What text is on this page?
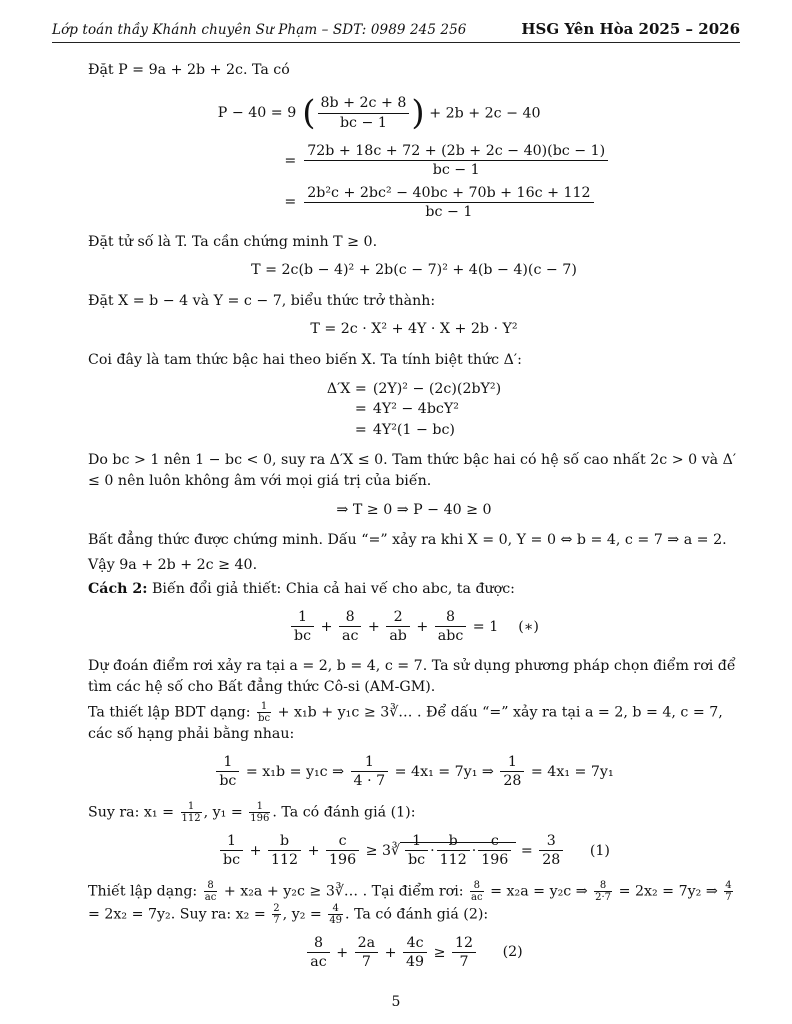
Lớp toán thầy Khánh chuyên Sư Phạm – SDT: 0989 245 256	HSG Yên Hòa 2025 – 2026

Đặt P = 9a + 2b + 2c. Ta có

P − 40 = 9 ( $\frac{8b + 2c + 8}{bc - 1}$ ) + 2b + 2c − 40
= $\frac{72b + 18c + 72 + (2b + 2c - 40)(bc - 1)}{bc - 1}$
= $\frac{\text{2b²c + 2bc² − 40bc + 70b + 16c + 112}}{bc - 1}$

Đặt tử số là T. Ta cần chứng minh T ≥ 0.

T = 2c(b − 4)² + 2b(c − 7)² + 4(b − 4)(c − 7)

Đặt X = b − 4 và Y = c − 7, biểu thức trở thành:

T = 2c · X² + 4Y · X + 2b · Y²

Coi đây là tam thức bậc hai theo biến X. Ta tính biệt thức Δ′:

Δ′X = (2Y)² − (2c)(2bY²)
= 4Y² − 4bcY²
= 4Y²(1 − bc)

Do bc > 1 nên 1 − bc < 0, suy ra Δ′X ≤ 0. Tam thức bậc hai có hệ số cao nhất 2c > 0 và Δ′ ≤ 0 nên luôn không âm với mọi giá trị của biến.

⇒ T ≥ 0 ⇒ P − 40 ≥ 0

Bất đẳng thức được chứng minh. Dấu “=” xảy ra khi X = 0, Y = 0 ⇔ b = 4, c = 7 ⇒ a = 2.

Vậy 9a + 2b + 2c ≥ 40.

Cách 2: Biến đổi giả thiết: Chia cả hai vế cho abc, ta được:

$\frac{1}{bc} + \frac{8}{ac} + \frac{2}{ab} + \frac{8}{\text{abc}} = 1$ (∗)

Dự đoán điểm rơi xảy ra tại a = 2, b = 4, c = 7. Ta sử dụng phương pháp chọn điểm rơi để tìm các hệ số cho Bất đẳng thức Cô-si (AM-GM).

Ta thiết lập BDT dạng: $\frac{1}{bc} + x_1b + y_1c$ ≥ 3∛… . Để dấu “=” xảy ra tại a = 2, b = 4, c = 7, các số hạng phải bằng nhau:

$\frac{1}{bc} = x_1b = y_1c$ ⇒ $\frac{1}{4 \cdot 7} = 4x_1 = 7y_1$ ⇒ $\frac{1}{28} = 4x_1 = 7y_1$

Suy ra: $x_1 = \frac{1}{112}$ , $y_1 = \frac{1}{196}$ . Ta có đánh giá (1):

$\frac{1}{bc} + \frac{b}{112} + \frac{c}{196}$ ≥ 3∛ $\frac{1}{bc} \cdot \frac{b}{112} \cdot \frac{c}{196} = \frac{3}{28} (1)$

Thiết lập dạng: $\frac{8}{ac} + x_2a + y_2c$ ≥ 3∛… . Tại điểm rơi: $\frac{8}{ac} = x_2a = y_2c$ ⇒ $\frac{8}{2\cdot 7} = 2x_2 = 7y_2$ ⇒ $\frac{4}{7}$
= 2x₂ = 7y₂. Suy ra: $x_2 = \frac{2}{7}$ , $y_2 = \frac{4}{49}$ . Ta có đánh giá (2):

$\frac{8}{ac} + \frac{2a}{7} + \frac{4c}{49} \ge \frac{12}{7} (2)$
5
